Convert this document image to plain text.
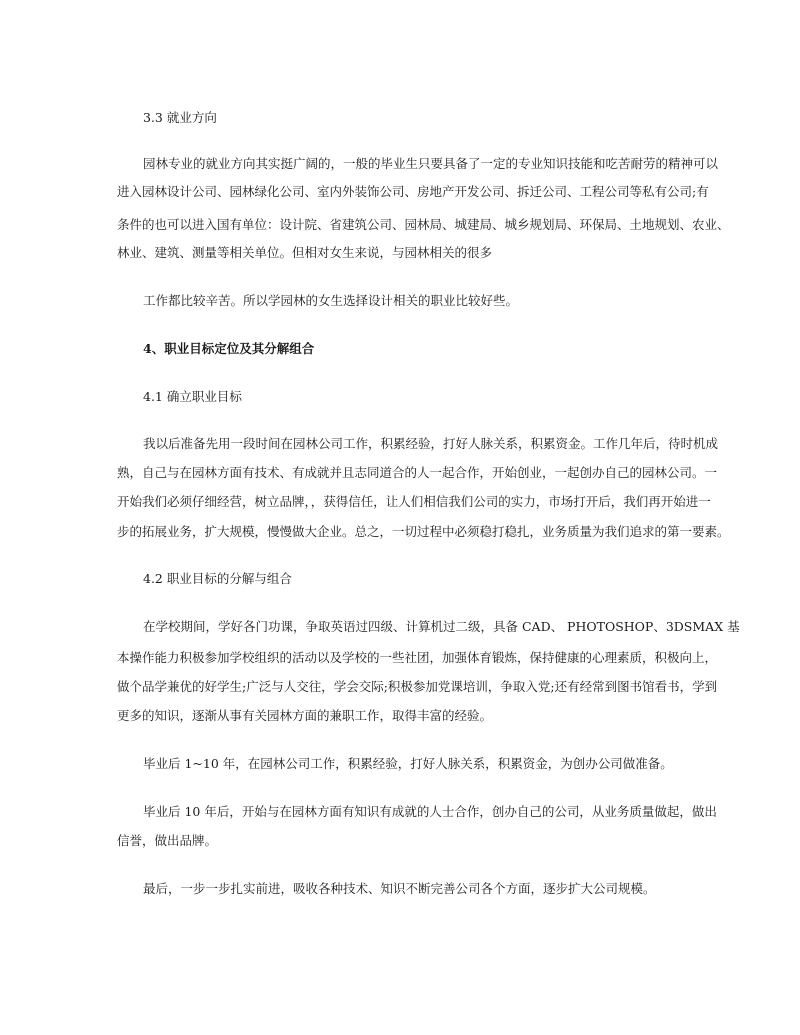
3.3 就业方向
园林专业的就业方向其实挺广阔的，一般的毕业生只要具备了一定的专业知识技能和吃苦耐劳的精神可以
进入园林设计公司、园林绿化公司、室内外装饰公司、房地产开发公司、拆迁公司、工程公司等私有公司;有
条件的也可以进入国有单位：设计院、省建筑公司、园林局、城建局、城乡规划局、环保局、土地规划、农业、
林业、建筑、测量等相关单位。但相对女生来说，与园林相关的很多
工作都比较辛苦。所以学园林的女生选择设计相关的职业比较好些。
4、职业目标定位及其分解组合
4.1 确立职业目标
我以后准备先用一段时间在园林公司工作，积累经验，打好人脉关系，积累资金。工作几年后，待时机成
熟，自己与在园林方面有技术、有成就并且志同道合的人一起合作，开始创业，一起创办自己的园林公司。一
开始我们必须仔细经营，树立品牌，，获得信任，让人们相信我们公司的实力，市场打开后，我们再开始进一
步的拓展业务，扩大规模，慢慢做大企业。总之，一切过程中必须稳打稳扎，业务质量为我们追求的第一要素。
4.2 职业目标的分解与组合
在学校期间，学好各门功课，争取英语过四级、计算机过二级，具备 CAD、 PHOTOSHOP、3DSMAX 基
本操作能力积极参加学校组织的活动以及学校的一些社团，加强体育锻炼，保持健康的心理素质，积极向上，
做个品学兼优的好学生;广泛与人交往，学会交际;积极参加党课培训，争取入党;还有经常到图书馆看书，学到
更多的知识，逐渐从事有关园林方面的兼职工作，取得丰富的经验。
毕业后 1~10 年，在园林公司工作，积累经验，打好人脉关系，积累资金，为创办公司做准备。
毕业后 10 年后，开始与在园林方面有知识有成就的人士合作，创办自己的公司，从业务质量做起，做出
信誉，做出品牌。
最后，一步一步扎实前进，吸收各种技术、知识不断完善公司各个方面，逐步扩大公司规模。
